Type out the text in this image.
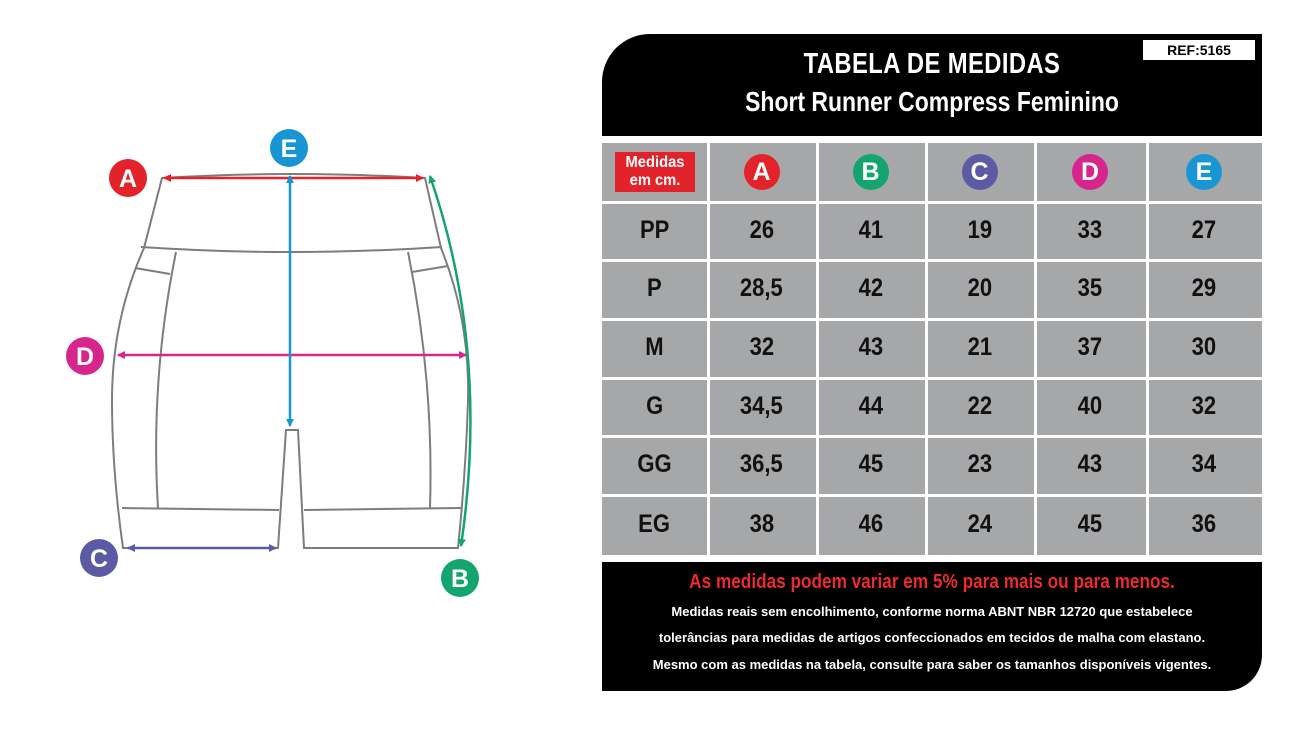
A
E
D
C
B
TABELA DE MEDIDAS
Short Runner Compress Feminino
REF:5165
Medidas
em cm.	A	B	C	D	E
PP	26	41	19	33	27
P	28,5	42	20	35	29
M	32	43	21	37	30
G	34,5	44	22	40	32
GG	36,5	45	23	43	34
EG	38	46	24	45	36
As medidas podem variar em 5% para mais ou para menos.
Medidas reais sem encolhimento, conforme norma ABNT NBR 12720 que estabelece
tolerâncias para medidas de artigos confeccionados em tecidos de malha com elastano.
Mesmo com as medidas na tabela, consulte para saber os tamanhos disponíveis vigentes.
